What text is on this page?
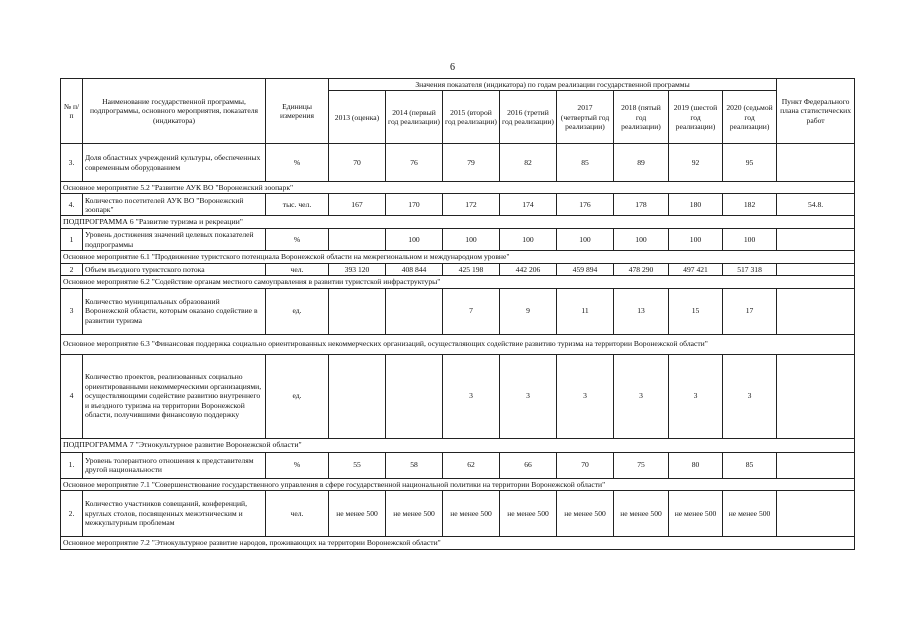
6
№ п/п	Наименование государственной программы, подпрограммы, основного мероприятия, показателя (индикатора)	Единицы измерения	Значения показателя (индикатора) по годам реализации государственной программы								Пункт Федерального плана статистических работ
			2013 (оценка)	2014 (первый год реализации)	2015 (второй год реализации)	2016 (третий год реализации)	2017 (четвертый год реализации)	2018 (пятый год реализации)	2019 (шестой год реализации)	2020 (седьмой год реализации)	
3.	Доля областных учреждений культуры, обеспеченных современным оборудованием	%	70	76	79	82	85	89	92	95	
Основное мероприятие 5.2 "Развитие АУК ВО "Воронежский зоопарк"											
4.	Количество посетителей АУК ВО "Воронежский зоопарк"	тыс. чел.	167	170	172	174	176	178	180	182	54.8.
ПОДПРОГРАММА 6 "Развитие туризма и рекреации"											
1	Уровень достижения значений целевых показателей подпрограммы	%		100	100	100	100	100	100	100	
Основное мероприятие 6.1 "Продвижение туристского потенциала Воронежской области на межрегиональном и международном уровне"											
2	Объем въездного туристского потока	чел.	393 120	408 844	425 198	442 206	459 894	478 290	497 421	517 318	
Основное мероприятие 6.2 "Содействие органам местного самоуправления в развитии туристской инфраструктуры"											
3	Количество муниципальных образований Воронежской области, которым оказано содействие в развитии туризма	ед.			7	9	11	13	15	17	
Основное мероприятие 6.3 "Финансовая поддержка социально ориентированных некоммерческих организаций, осуществляющих содействие развитию туризма на территории Воронежской области"											
4	Количество проектов, реализованных социально ориентированными некоммерческими организациями, осуществляющими содействие развитию внутреннего и въездного туризма на территории Воронежской области, получившими финансовую поддержку	ед.			3	3	3	3	3	3	
ПОДПРОГРАММА 7 "Этнокультурное развитие Воронежской области"											
1.	Уровень толерантного отношения к представителям другой национальности	%	55	58	62	66	70	75	80	85	
Основное мероприятие 7.1 "Совершенствование государственного управления в сфере государственной национальной политики на территории Воронежской области"											
2.	Количество участников совещаний, конференций, круглых столов, посвященных межэтническим и межкультурным проблемам	чел.	не менее 500	не менее 500	не менее 500	не менее 500	не менее 500	не менее 500	не менее 500	не менее 500	
Основное мероприятие 7.2 "Этнокультурное развитие народов, проживающих на территории Воронежской области"											
